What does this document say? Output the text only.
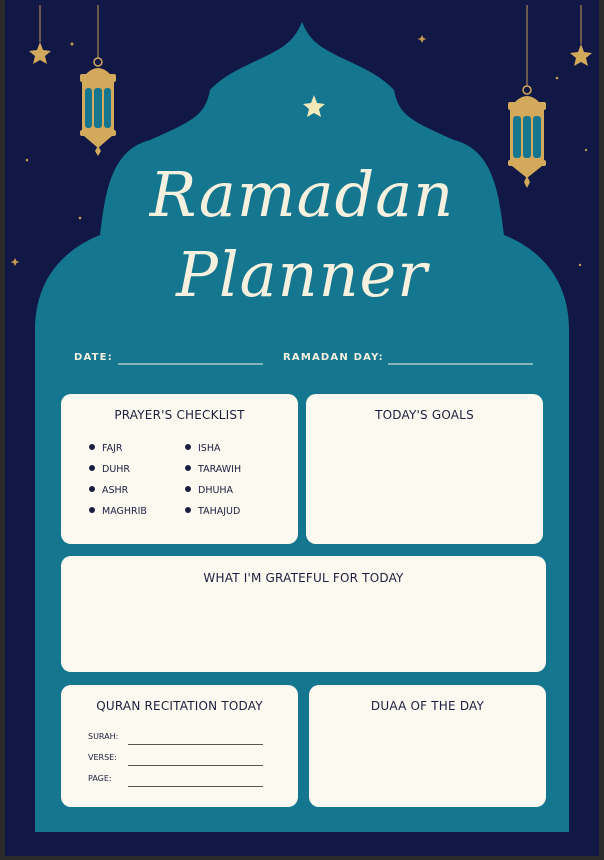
Ramadan
Planner
DATE:	RAMADAN DAY:
PRAYER'S CHECKLIST
FAJR
DUHR
ASHR
MAGHRIB
ISHA
TARAWIH
DHUHA
TAHAJUD
TODAY'S GOALS
WHAT I'M GRATEFUL FOR TODAY
QURAN RECITATION TODAY
SURAH:
VERSE:
PAGE:
DUAA OF THE DAY
